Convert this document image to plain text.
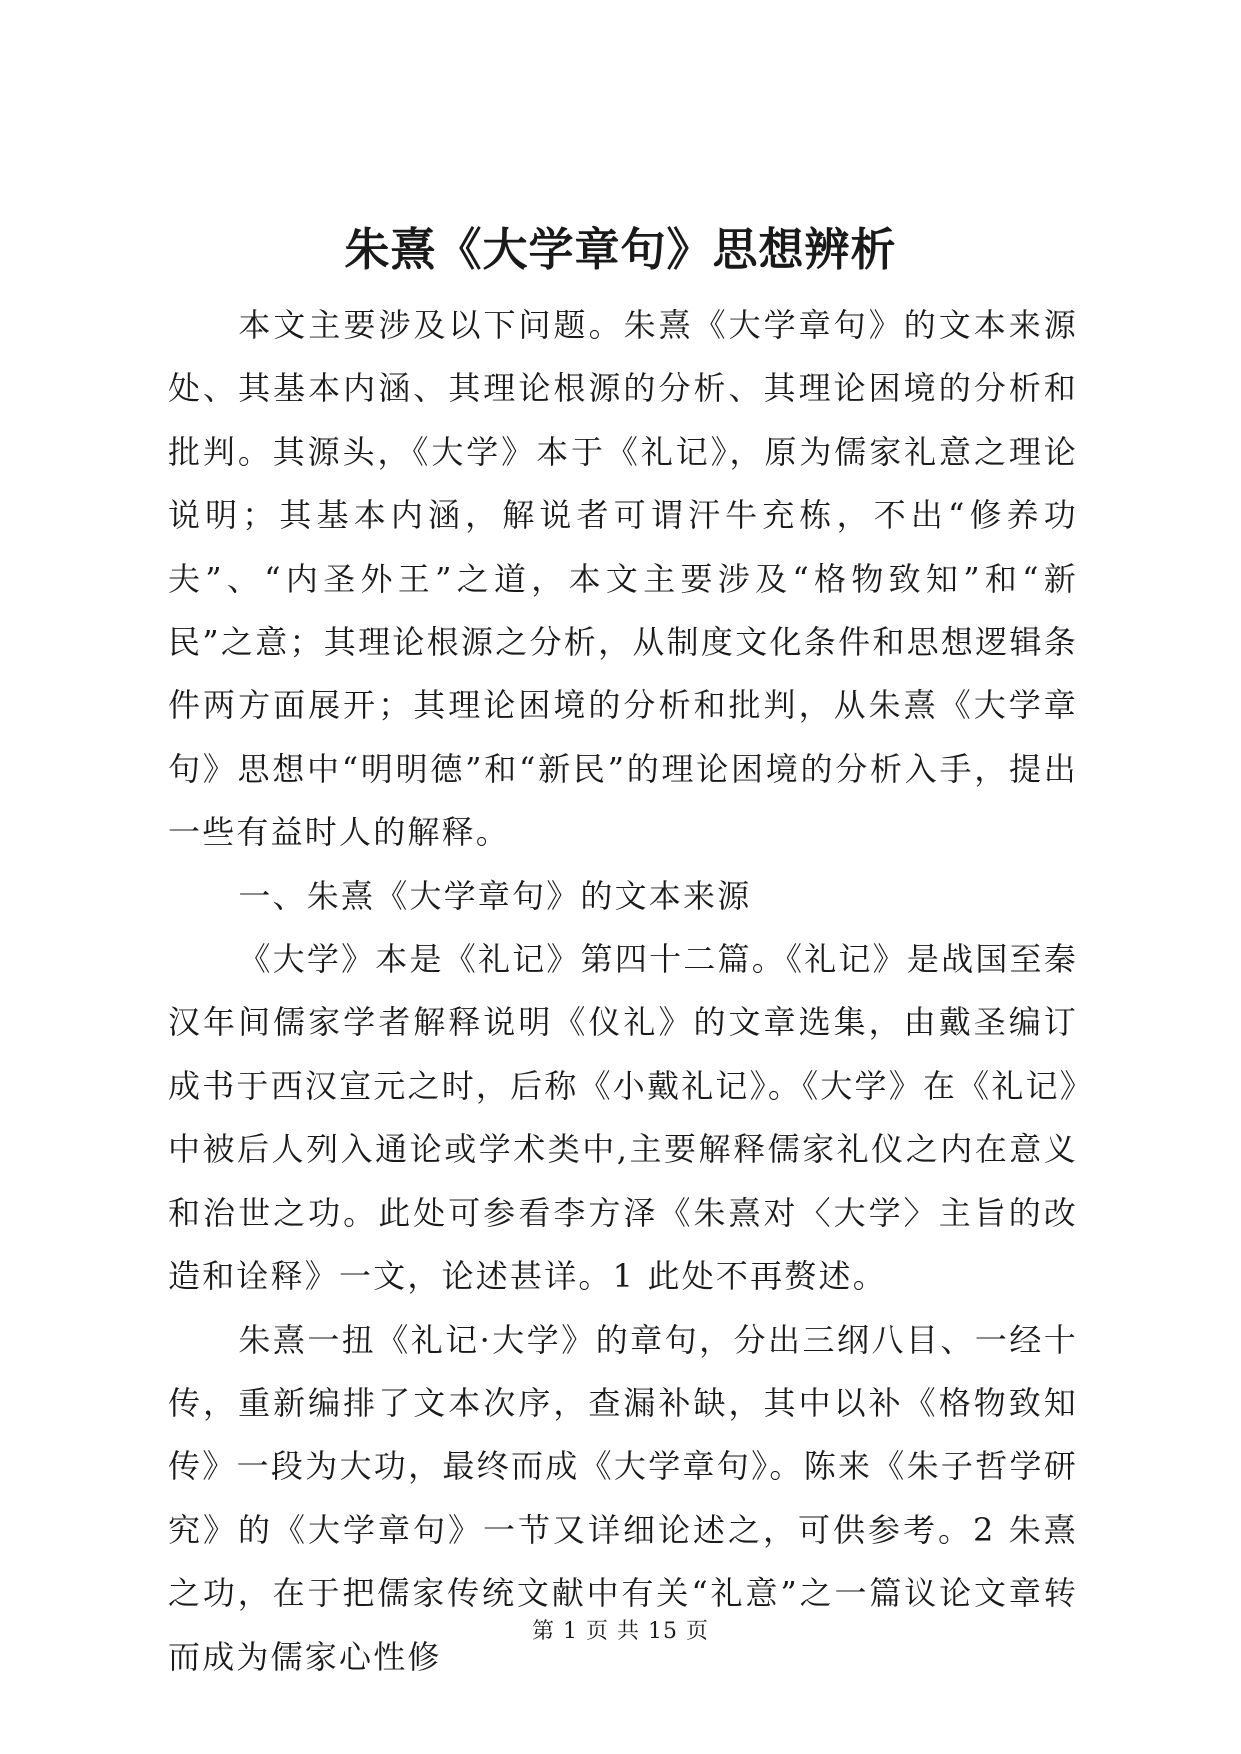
朱熹《大学章句》思想辨析

本文主要涉及以下问题。朱熹《大学章句》的文本来源处、其基本内涵、其理论根源的分析、其理论困境的分析和批判。其源头，《大学》本于《礼记》，原为儒家礼意之理论说明；其基本内涵，解说者可谓汗牛充栋，不出“修养功夫”、“内圣外王”之道，本文主要涉及“格物致知”和“新民”之意；其理论根源之分析，从制度文化条件和思想逻辑条件两方面展开；其理论困境的分析和批判，从朱熹《大学章句》思想中“明明德”和“新民”的理论困境的分析入手，提出一些有益时人的解释。

一、朱熹《大学章句》的文本来源

《大学》本是《礼记》第四十二篇。《礼记》是战国至秦汉年间儒家学者解释说明《仪礼》的文章选集，由戴圣编订成书于西汉宣元之时，后称《小戴礼记》。《大学》在《礼记》中被后人列入通论或学术类中,主要解释儒家礼仪之内在意义和治世之功。此处可参看李方泽《朱熹对〈大学〉主旨的改造和诠释》一文，论述甚详。1 此处不再赘述。

朱熹一扭《礼记·大学》的章句，分出三纲八目、一经十传，重新编排了文本次序，查漏补缺，其中以补《格物致知传》一段为大功，最终而成《大学章句》。陈来《朱子哲学研究》的《大学章句》一节又详细论述之，可供参考。2 朱熹之功，在于把儒家传统文献中有关“礼意”之一篇议论文章转而成为儒家心性修

第 1 页 共 15 页
